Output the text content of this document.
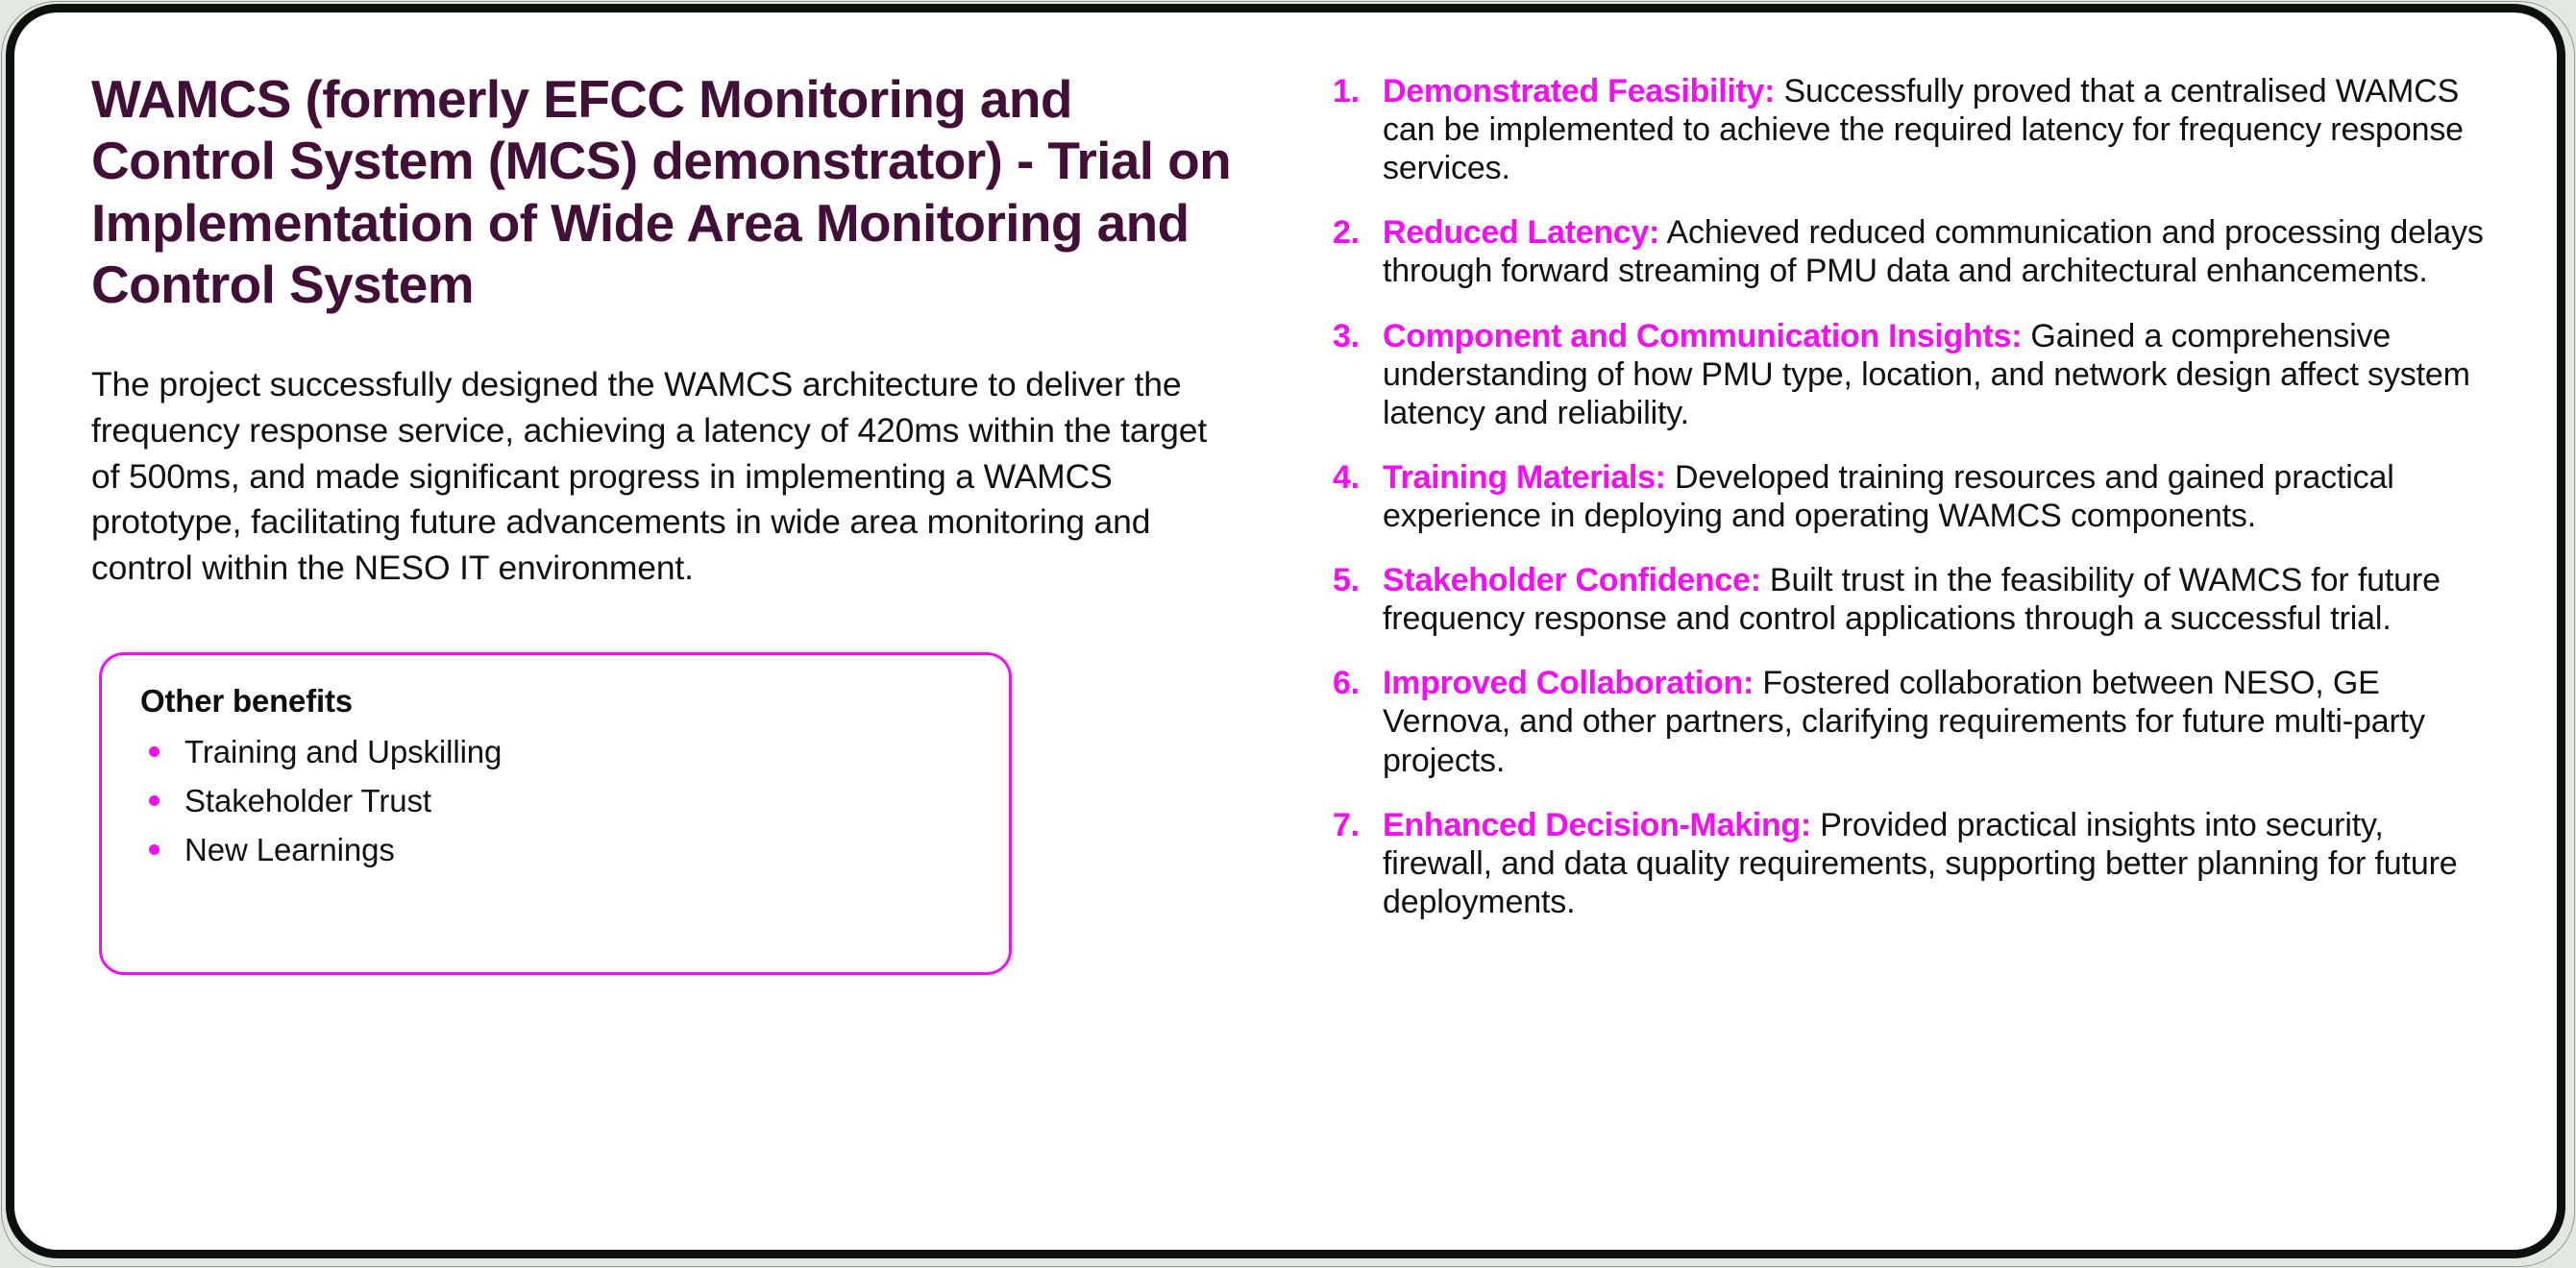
WAMCS (formerly EFCC Monitoring and Control System (MCS) demonstrator) - Trial on Implementation of Wide Area Monitoring and Control System

The project successfully designed the WAMCS architecture to deliver the frequency response service, achieving a latency of 420ms within the target of 500ms, and made significant progress in implementing a WAMCS prototype, facilitating future advancements in wide area monitoring and control within the NESO IT environment.

Other benefits
Training and Upskilling
Stakeholder Trust
New Learnings
1. Demonstrated Feasibility: Successfully proved that a centralised WAMCS can be implemented to achieve the required latency for frequency response services.
2. Reduced Latency: Achieved reduced communication and processing delays through forward streaming of PMU data and architectural enhancements.
3. Component and Communication Insights: Gained a comprehensive understanding of how PMU type, location, and network design affect system latency and reliability.
4. Training Materials: Developed training resources and gained practical experience in deploying and operating WAMCS components.
5. Stakeholder Confidence: Built trust in the feasibility of WAMCS for future frequency response and control applications through a successful trial.
6. Improved Collaboration: Fostered collaboration between NESO, GE Vernova, and other partners, clarifying requirements for future multi-party projects.
7. Enhanced Decision-Making: Provided practical insights into security, firewall, and data quality requirements, supporting better planning for future deployments.
